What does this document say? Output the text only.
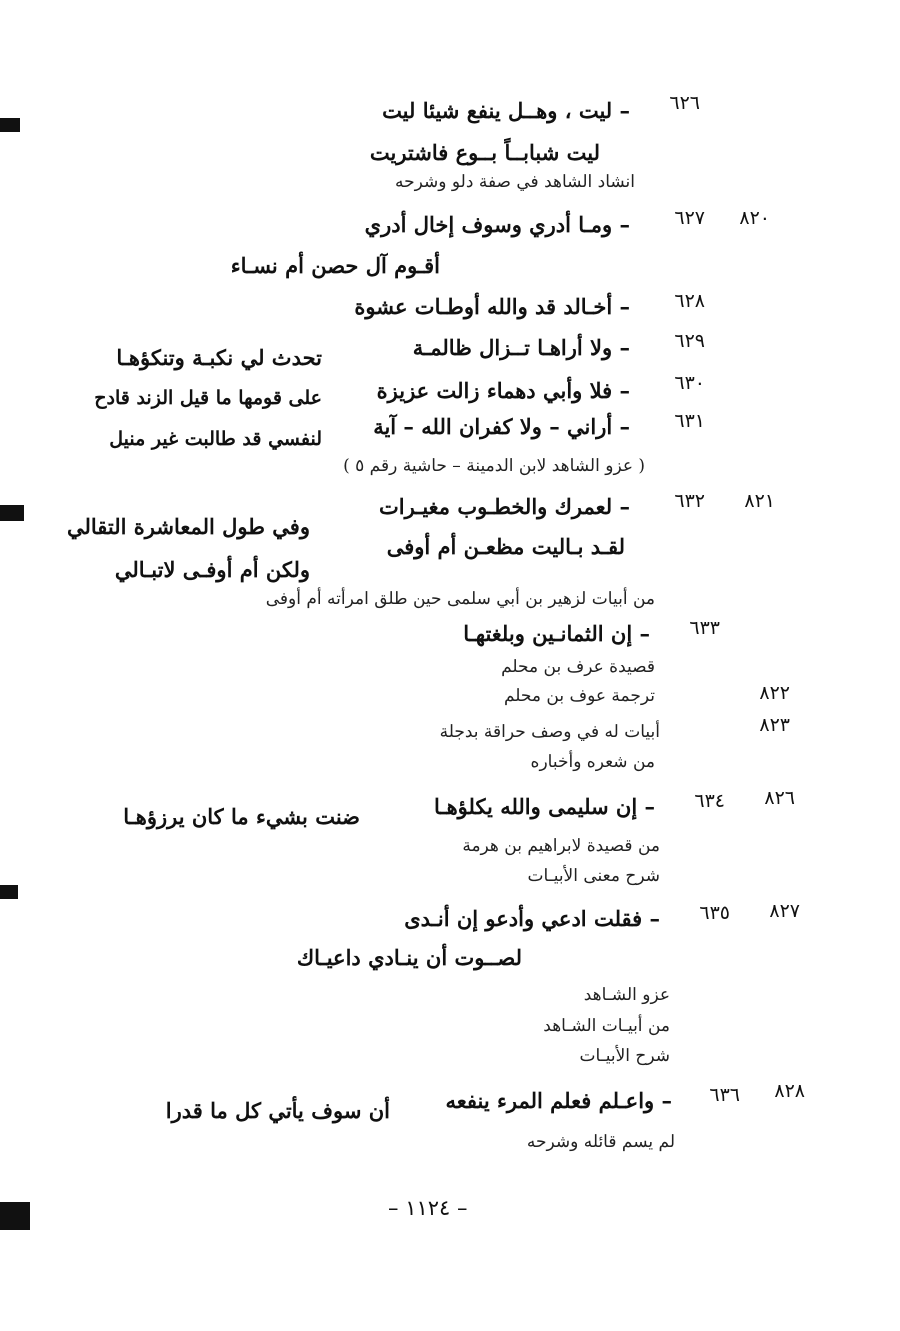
٦٢٦
– ليت ، وهــل ينفع شيئا ليت
ليت شبابــاً بــوع فاشتريت
انشاد الشاهد في صفة دلو وشرحه
٨٢٠
٦٢٧
– ومـا أدري وسوف إخال أدري
أقـوم آل حصن أم نسـاء
٦٢٨
– أخـالد قد والله أوطـات عشوة
٦٢٩
– ولا أراهـا تــزال ظالمـة
تحدث لي نكبـة وتنكؤهـا
٦٣٠
– فلا وأبي دهماء زالت عزيزة
على قومها ما قيل الزند قادح
٦٣١
– أراني – ولا كفران الله – آية
لنفسي قد طالبت غير منيل
( عزو الشاهد لابن الدمينة – حاشية رقم ٥ )
٨٢١
٦٣٢
– لعمرك والخطـوب مغيـرات
وفي طول المعاشرة التقالي
لقـد بـاليت مظعـن أم أوفى
ولكن أم أوفـى لاتبـالي
من أبيات لزهير بن أبي سلمى حين طلق امرأته أم أوفى
٦٣٣
– إن الثمانـين وبلغتهـا
قصيدة عرف بن محلم
٨٢٢
ترجمة عوف بن محلم
٨٢٣
أبيات له في وصف حراقة بدجلة
من شعره وأخباره
٨٢٦
٦٣٤
– إن سليمى والله يكلؤهـا
ضنت بشيء ما كان يرزؤهـا
من قصيدة لابراهيم بن هرمة
شرح معنى الأبيـات
٨٢٧
٦٣٥
– فقلت ادعي وأدعو إن أنـدى
لصــوت أن ينـادي داعيـاك
عزو الشـاهد
من أبيـات الشـاهد
شرح الأبيـات
٨٢٨
٦٣٦
– واعـلم فعلم المرء ينفعه
أن سوف يأتي كل ما قدرا
لم يسم قائله وشرحه
– ١١٢٤ –
